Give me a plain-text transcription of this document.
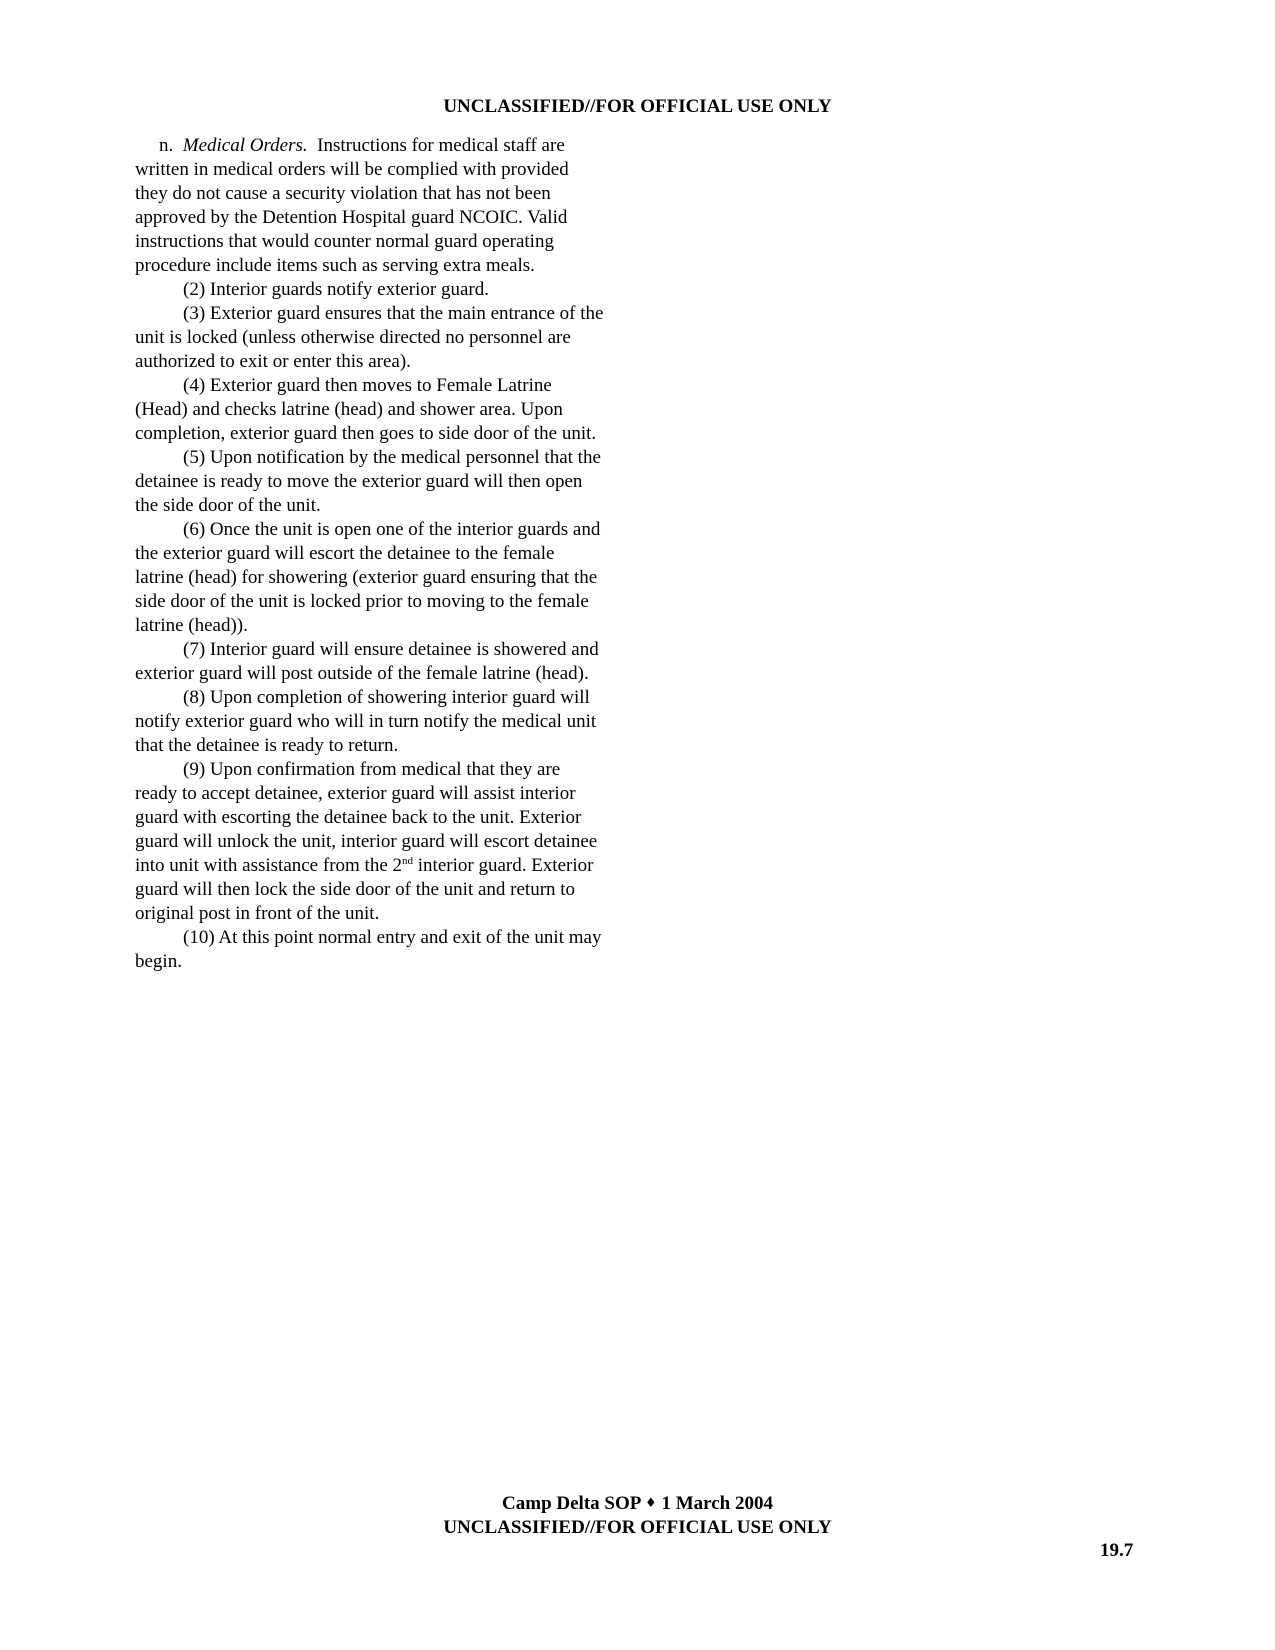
UNCLASSIFIED//FOR OFFICIAL USE ONLY

n. Medical Orders. Instructions for medical staff are written in medical orders will be complied with provided they do not cause a security violation that has not been approved by the Detention Hospital guard NCOIC. Valid instructions that would counter normal guard operating procedure include items such as serving extra meals.

(2) Interior guards notify exterior guard.

(3) Exterior guard ensures that the main entrance of the unit is locked (unless otherwise directed no personnel are authorized to exit or enter this area).

(4) Exterior guard then moves to Female Latrine (Head) and checks latrine (head) and shower area. Upon completion, exterior guard then goes to side door of the unit.

(5) Upon notification by the medical personnel that the detainee is ready to move the exterior guard will then open the side door of the unit.

(6) Once the unit is open one of the interior guards and the exterior guard will escort the detainee to the female latrine (head) for showering (exterior guard ensuring that the side door of the unit is locked prior to moving to the female latrine (head)).

(7) Interior guard will ensure detainee is showered and exterior guard will post outside of the female latrine (head).

(8) Upon completion of showering interior guard will notify exterior guard who will in turn notify the medical unit that the detainee is ready to return.

(9) Upon confirmation from medical that they are ready to accept detainee, exterior guard will assist interior guard with escorting the detainee back to the unit. Exterior guard will unlock the unit, interior guard will escort detainee into unit with assistance from the 2nd interior guard. Exterior guard will then lock the side door of the unit and return to original post in front of the unit.

(10) At this point normal entry and exit of the unit may begin.

Camp Delta SOP ♦ 1 March 2004
UNCLASSIFIED//FOR OFFICIAL USE ONLY
19.7
